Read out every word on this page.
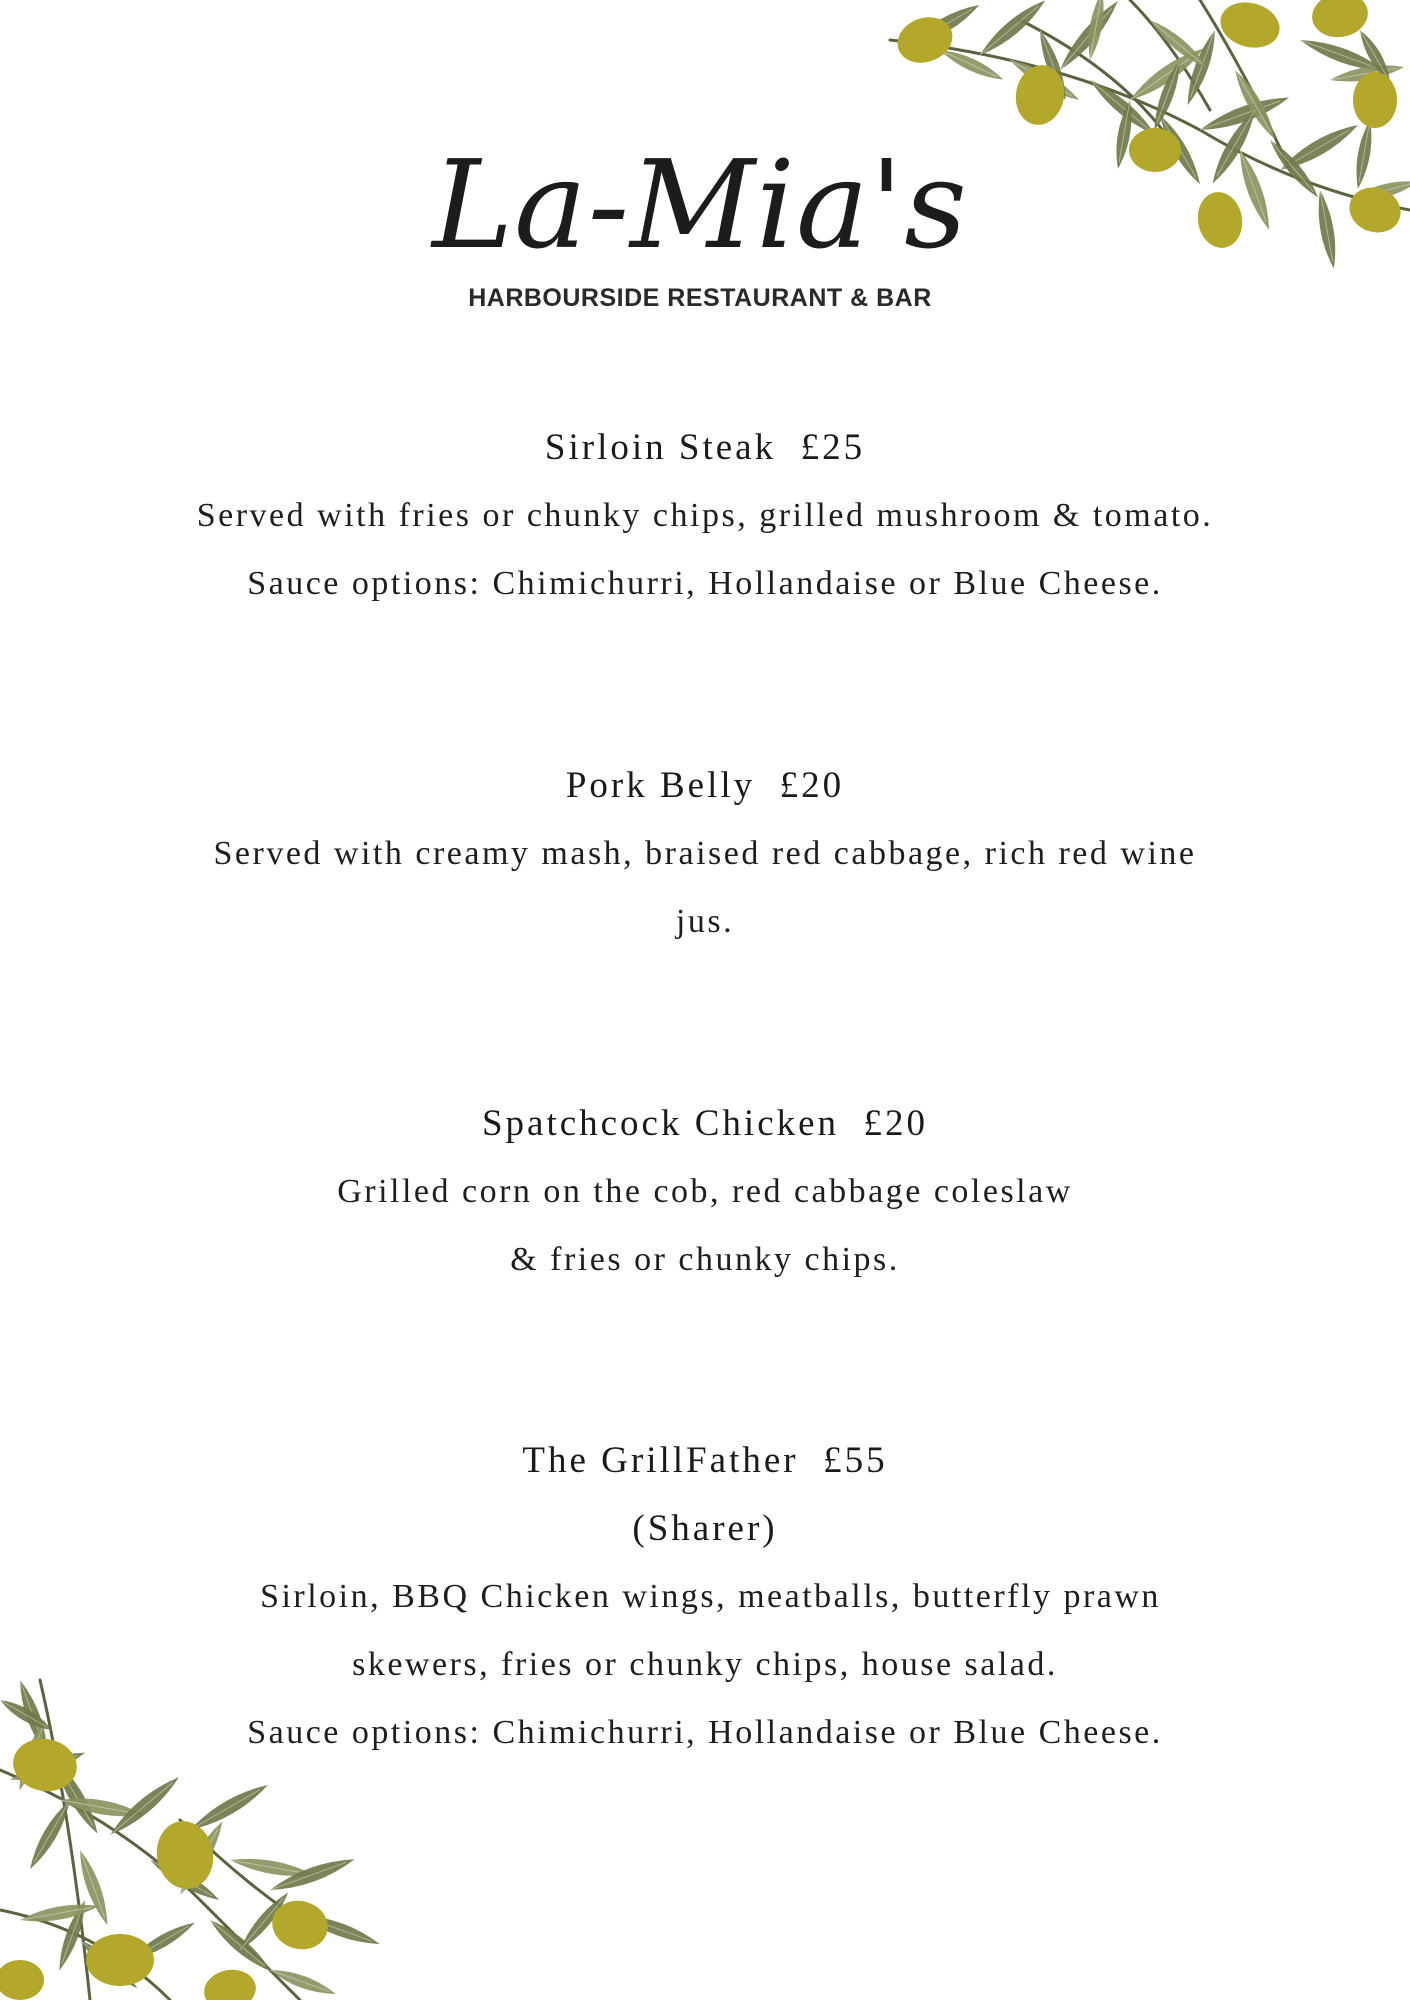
La-Mia's
HARBOURSIDE RESTAURANT & BAR
Sirloin Steak  £25
Served with fries or chunky chips, grilled mushroom & tomato.
Sauce options: Chimichurri, Hollandaise or Blue Cheese.
Pork Belly  £20
Served with creamy mash, braised red cabbage, rich red wine
jus.
Spatchcock Chicken  £20
Grilled corn on the cob, red cabbage coleslaw
& fries or chunky chips.
The GrillFather  £55
(Sharer)
Sirloin, BBQ Chicken wings, meatballs, butterfly prawn
skewers, fries or chunky chips, house salad.
Sauce options: Chimichurri, Hollandaise or Blue Cheese.
